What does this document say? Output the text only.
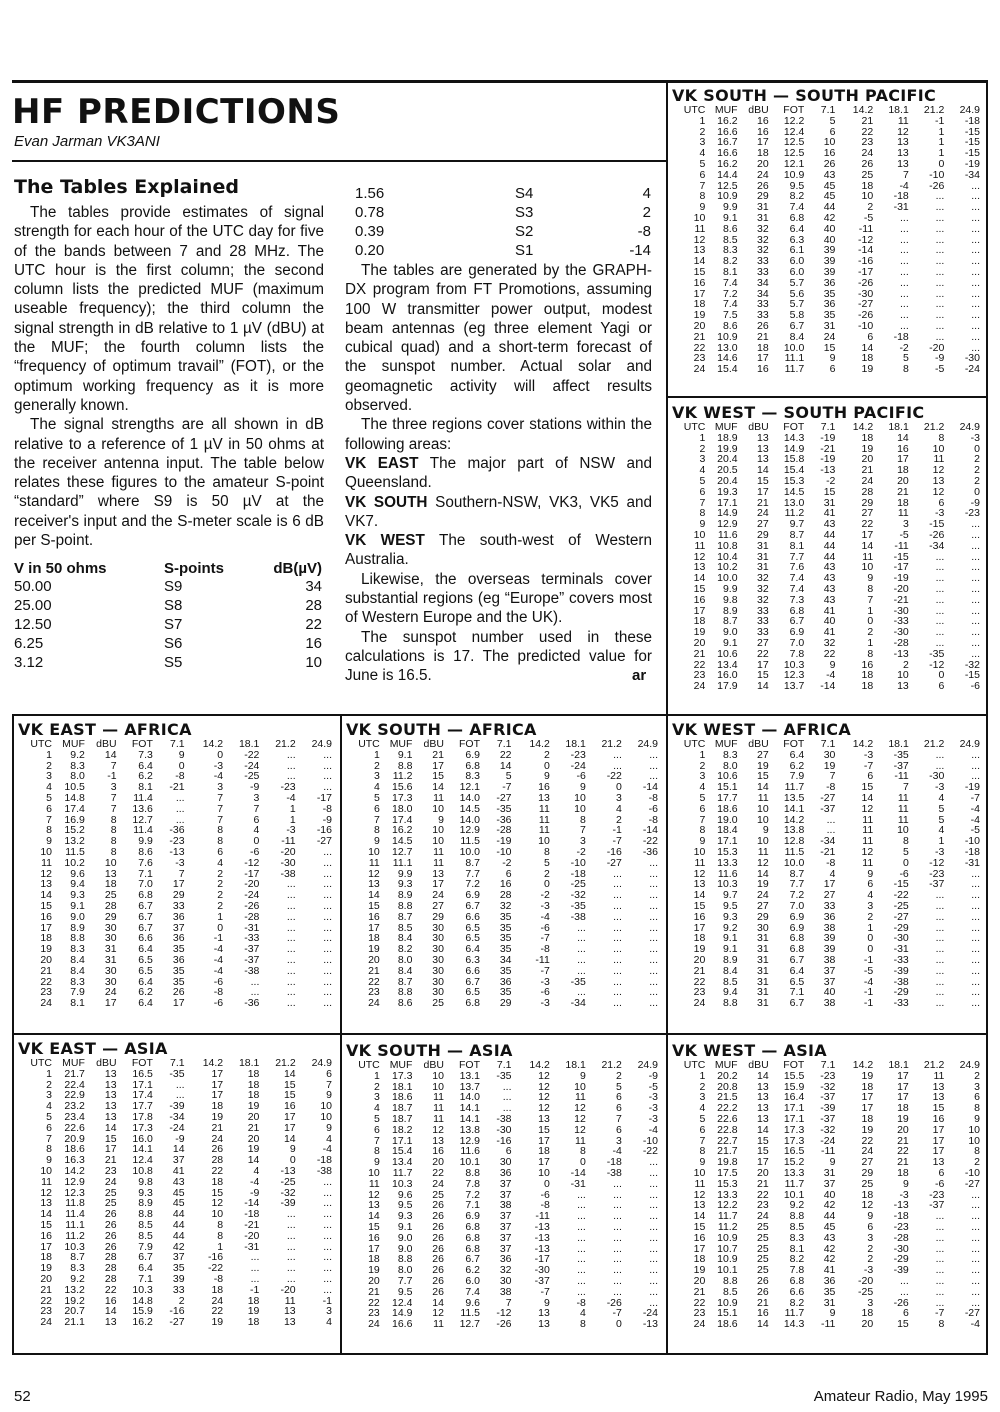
HF PREDICTIONS
Evan Jarman VK3ANI
The Tables Explained

The tables provide estimates of signal strength for each hour of the UTC day for five of the bands between 7 and 28 MHz. The UTC hour is the first column; the second column lists the predicted MUF (maximum useable frequency); the third column the signal strength in dB relative to 1 µV (dBU) at the MUF; the fourth column lists the “frequency of optimum travail” (FOT), or the optimum working frequency as it is more generally known.

The signal strengths are all shown in dB relative to a reference of 1 µV in 50 ohms at the receiver antenna input. The table below relates these figures to the amateur S-point “standard” where S9 is 50 µV at the receiver's input and the S-meter scale is 6 dB per S-point.

V in 50 ohms	S-points	dB(µV)
50.00	S9	34
25.00	S8	28
12.50	S7	22
6.25	S6	16
3.12	S5	10
1.56	S4	4
0.78	S3	2
0.39	S2	-8
0.20	S1	-14

The tables are generated by the GRAPH-DX program from FT Promotions, assuming 100 W transmitter power output, modest beam antennas (eg three element Yagi or cubical quad) and a short-term forecast of the sunspot number. Actual solar and geomagnetic activity will affect results observed.

The three regions cover stations within the following areas:

VK EAST The major part of NSW and Queensland.

VK SOUTH Southern-NSW, VK3, VK5 and VK7.

VK WEST The south-west of Western Australia.

Likewise, the overseas terminals cover substantial regions (eg “Europe” covers most of Western Europe and the UK).

The sunspot number used in these calculations is 17. The predicted value for June is 16.5.	ar
VK SOUTH — SOUTH PACIFIC
UTC	MUF	dBU	FOT	7.1	14.2	18.1	21.2	24.9
1	16.2	16	12.2	5	21	11	-1	-18
2	16.6	16	12.4	6	22	12	1	-15
3	16.7	17	12.5	10	23	13	1	-15
4	16.6	18	12.5	16	24	13	1	-15
5	16.2	20	12.1	26	26	13	0	-19
6	14.4	24	10.9	43	25	7	-10	-34
7	12.5	26	9.5	45	18	-4	-26	...
8	10.9	29	8.2	45	10	-18	...	...
9	9.9	31	7.4	44	2	-31	...	...
10	9.1	31	6.8	42	-5	...	...	...
11	8.6	32	6.4	40	-11	...	...	...
12	8.5	32	6.3	40	-12	...	...	...
13	8.3	32	6.1	39	-14	...	...	...
14	8.2	33	6.0	39	-16	...	...	...
15	8.1	33	6.0	39	-17	...	...	...
16	7.4	34	5.7	36	-26	...	...	...
17	7.2	34	5.6	35	-30	...	...	...
18	7.4	33	5.7	36	-27	...	...	...
19	7.5	33	5.8	35	-26	...	...	...
20	8.6	26	6.7	31	-10	...	...	...
21	10.9	21	8.4	24	6	-18	...	...
22	13.0	18	10.0	15	14	-2	-20	...
23	14.6	17	11.1	9	18	5	-9	-30
24	15.4	16	11.7	6	19	8	-5	-24
VK WEST — SOUTH PACIFIC
UTC	MUF	dBU	FOT	7.1	14.2	18.1	21.2	24.9
1	18.9	13	14.3	-19	18	14	8	-3
2	19.9	13	14.9	-21	19	16	10	0
3	20.4	13	15.8	-19	20	17	11	2
4	20.5	14	15.4	-13	21	18	12	2
5	20.4	15	15.3	-2	24	20	13	2
6	19.3	17	14.5	15	28	21	12	0
7	17.1	21	13.0	31	29	18	6	-9
8	14.9	24	11.2	41	27	11	-3	-23
9	12.9	27	9.7	43	22	3	-15	...
10	11.6	29	8.7	44	17	-5	-26	...
11	10.8	31	8.1	44	14	-11	-34	...
12	10.4	31	7.7	44	11	-15	...	...
13	10.2	31	7.6	43	10	-17	...	...
14	10.0	32	7.4	43	9	-19	...	...
15	9.9	32	7.4	43	8	-20	...	...
16	9.8	32	7.3	43	7	-21	...	...
17	8.9	33	6.8	41	1	-30	...	...
18	8.7	33	6.7	40	0	-33	...	...
19	9.0	33	6.9	41	2	-30	...	...
20	9.1	27	7.0	32	1	-28	...	...
21	10.6	22	7.8	22	8	-13	-35	...
22	13.4	17	10.3	9	16	2	-12	-32
23	16.0	15	12.3	-4	18	10	0	-15
24	17.9	14	13.7	-14	18	13	6	-6
VK EAST — AFRICA
UTC	MUF	dBU	FOT	7.1	14.2	18.1	21.2	24.9
1	9.2	14	7.3	9	0	-22	...	...
2	8.3	7	6.4	0	-3	-24	...	...
3	8.0	-1	6.2	-8	-4	-25	...	...
4	10.5	3	8.1	-21	3	-9	-23	...
5	14.8	7	11.4	...	7	3	-4	-17
6	17.4	7	13.6	...	7	7	1	-8
7	16.9	8	12.7	...	7	6	1	-9
8	15.2	8	11.4	-36	8	4	-3	-16
9	13.2	8	9.9	-23	8	0	-11	-27
10	11.5	8	8.6	-13	6	-6	-20	...
11	10.2	10	7.6	-3	4	-12	-30	...
12	9.6	13	7.1	7	2	-17	-38	...
13	9.4	18	7.0	17	2	-20	...	...
14	9.3	25	6.8	29	2	-24	...	...
15	9.1	28	6.7	33	2	-26	...	...
16	9.0	29	6.7	36	1	-28	...	...
17	8.9	30	6.7	37	0	-31	...	...
18	8.8	30	6.6	36	-1	-33	...	...
19	8.3	31	6.4	35	-4	-37	...	...
20	8.4	31	6.5	36	-4	-37	...	...
21	8.4	30	6.5	35	-4	-38	...	...
22	8.3	30	6.4	35	-6	...	...	...
23	7.9	24	6.2	26	-8	...	...	...
24	8.1	17	6.4	17	-6	-36	...	...
VK SOUTH — AFRICA
UTC	MUF	dBU	FOT	7.1	14.2	18.1	21.2	24.9
1	9.1	21	6.9	22	2	-23	...	...
2	8.8	17	6.8	14	0	-24	...	...
3	11.2	15	8.3	5	9	-6	-22	...
4	15.6	14	12.1	-7	16	9	0	-14
5	17.3	11	14.0	-27	13	10	3	-8
6	18.0	10	14.5	-35	11	10	4	-6
7	17.4	9	14.0	-36	11	8	2	-8
8	16.2	10	12.9	-28	11	7	-1	-14
9	14.5	10	11.5	-19	10	3	-7	-22
10	12.7	11	10.0	-10	8	-2	-16	-36
11	11.1	11	8.7	-2	5	-10	-27	...
12	9.9	13	7.7	6	2	-18	...	...
13	9.3	17	7.2	16	0	-25	...	...
14	8.9	24	6.9	28	-2	-32	...	...
15	8.8	27	6.7	32	-3	-35	...	...
16	8.7	29	6.6	35	-4	-38	...	...
17	8.5	30	6.5	35	-6	...	...	...
18	8.4	30	6.5	35	-7	...	...	...
19	8.2	30	6.4	35	-8	...	...	...
20	8.0	30	6.3	34	-11	...	...	...
21	8.4	30	6.6	35	-7	...	...	...
22	8.7	30	6.7	36	-3	-35	...	...
23	8.8	30	6.5	35	-6	...	...	...
24	8.6	25	6.8	29	-3	-34	...	...
VK WEST — AFRICA
UTC	MUF	dBU	FOT	7.1	14.2	18.1	21.2	24.9
1	8.3	27	6.4	30	-3	-35	...	...
2	8.0	19	6.2	19	-7	-37	...	...
3	10.6	15	7.9	7	6	-11	-30	...
4	15.1	14	11.7	-8	15	7	-3	-19
5	17.7	11	13.5	-27	14	11	4	-7
6	18.6	10	14.1	-37	12	11	5	-4
7	19.0	10	14.2	...	11	11	5	-4
8	18.4	9	13.8	...	11	10	4	-5
9	17.1	10	12.8	-34	11	8	1	-10
10	15.3	11	11.5	-21	12	5	-3	-18
11	13.3	12	10.0	-8	11	0	-12	-31
12	11.6	14	8.7	4	9	-6	-23	...
13	10.3	19	7.7	17	6	-15	-37	...
14	9.7	24	7.2	27	4	-22	...	...
15	9.5	27	7.0	33	3	-25	...	...
16	9.3	29	6.9	36	2	-27	...	...
17	9.2	30	6.9	38	1	-29	...	...
18	9.1	31	6.8	39	0	-30	...	...
19	9.1	31	6.8	39	0	-31	...	...
20	8.9	31	6.7	38	-1	-33	...	...
21	8.4	31	6.4	37	-5	-39	...	...
22	8.5	31	6.5	37	-4	-38	...	...
23	9.4	31	7.1	40	-1	-29	...	...
24	8.8	31	6.7	38	-1	-33	...	...
VK EAST — ASIA
UTC	MUF	dBU	FOT	7.1	14.2	18.1	21.2	24.9
1	21.7	13	16.5	-35	17	18	14	6
2	22.4	13	17.1	...	17	18	15	7
3	22.9	13	17.4	...	17	18	15	9
4	23.2	13	17.7	-39	18	19	16	10
5	23.4	13	17.8	-34	19	20	17	10
6	22.6	14	17.3	-24	21	21	17	9
7	20.9	15	16.0	-9	24	20	14	4
8	18.6	17	14.1	14	26	19	9	-4
9	16.3	21	12.4	37	28	14	0	-18
10	14.2	23	10.8	41	22	4	-13	-38
11	12.9	24	9.8	43	18	-4	-25	...
12	12.3	25	9.3	45	15	-9	-32	...
13	11.8	25	8.9	45	12	-14	-39	...
14	11.4	26	8.8	44	10	-18	...	...
15	11.1	26	8.5	44	8	-21	...	...
16	11.2	26	8.5	44	8	-20	...	...
17	10.3	26	7.9	42	1	-31	...	...
18	8.7	28	6.7	37	-16	...	...	...
19	8.3	28	6.4	35	-22	...	...	...
20	9.2	28	7.1	39	-8	...	...	...
21	13.2	22	10.3	33	18	-1	-20	...
22	19.2	16	14.8	2	24	18	11	-1
23	20.7	14	15.9	-16	22	19	13	3
24	21.1	13	16.2	-27	19	18	13	4
VK SOUTH — ASIA
UTC	MUF	dBU	FOT	7.1	14.2	18.1	21.2	24.9
1	17.3	10	13.1	-35	12	9	2	-9
2	18.1	10	13.7	...	12	10	5	-5
3	18.6	11	14.0	...	12	11	6	-3
4	18.7	11	14.1	...	12	12	6	-3
5	18.7	11	14.1	-38	13	12	7	-3
6	18.2	12	13.8	-30	15	12	6	-4
7	17.1	13	12.9	-16	17	11	3	-10
8	15.4	16	11.6	6	18	8	-4	-22
9	13.4	20	10.1	30	17	0	-18	...
10	11.7	22	8.8	36	10	-14	-38	...
11	10.3	24	7.8	37	0	-31	...	...
12	9.6	25	7.2	37	-6	...	...	...
13	9.5	26	7.1	38	-8	...	...	...
14	9.3	26	6.9	37	-11	...	...	...
15	9.1	26	6.8	37	-13	...	...	...
16	9.0	26	6.8	37	-13	...	...	...
17	9.0	26	6.8	37	-13	...	...	...
18	8.8	26	6.7	36	-17	...	...	...
19	8.0	26	6.2	32	-30	...	...	...
20	7.7	26	6.0	30	-37	...	...	...
21	9.5	26	7.4	38	-7	...	...	...
22	12.4	14	9.6	7	9	-8	-26	...
23	14.9	12	11.5	-12	13	4	-7	-24
24	16.6	11	12.7	-26	13	8	0	-13
VK WEST — ASIA
UTC	MUF	dBU	FOT	7.1	14.2	18.1	21.2	24.9
1	20.2	14	15.5	-23	19	17	11	2
2	20.8	13	15.9	-32	18	17	13	3
3	21.5	13	16.4	-37	17	17	13	6
4	22.2	13	17.1	-39	17	18	15	8
5	22.6	13	17.1	-37	18	19	16	9
6	22.8	14	17.3	-32	19	20	17	10
7	22.7	15	17.3	-24	22	21	17	10
8	21.7	15	16.5	-11	24	22	17	8
9	19.8	17	15.2	9	27	21	13	2
10	17.5	20	13.3	31	29	18	6	-10
11	15.3	21	11.7	37	25	9	-6	-27
12	13.3	22	10.1	40	18	-3	-23	...
13	12.2	23	9.2	42	12	-13	-37	...
14	11.7	24	8.8	44	9	-18	...	...
15	11.2	25	8.5	45	6	-23	...	...
16	10.9	25	8.3	43	3	-28	...	...
17	10.7	25	8.1	42	2	-30	...	...
18	10.9	25	8.2	42	2	-29	...	...
19	10.1	25	7.8	41	-3	-39	...	...
20	8.8	26	6.8	36	-20	...	...	...
21	8.5	26	6.6	35	-25	...	...	...
22	10.9	21	8.2	31	3	-26	...	...
23	15.1	16	11.7	9	18	6	-7	-27
24	18.6	14	14.3	-11	20	15	8	-4
52	Amateur Radio, May 1995
